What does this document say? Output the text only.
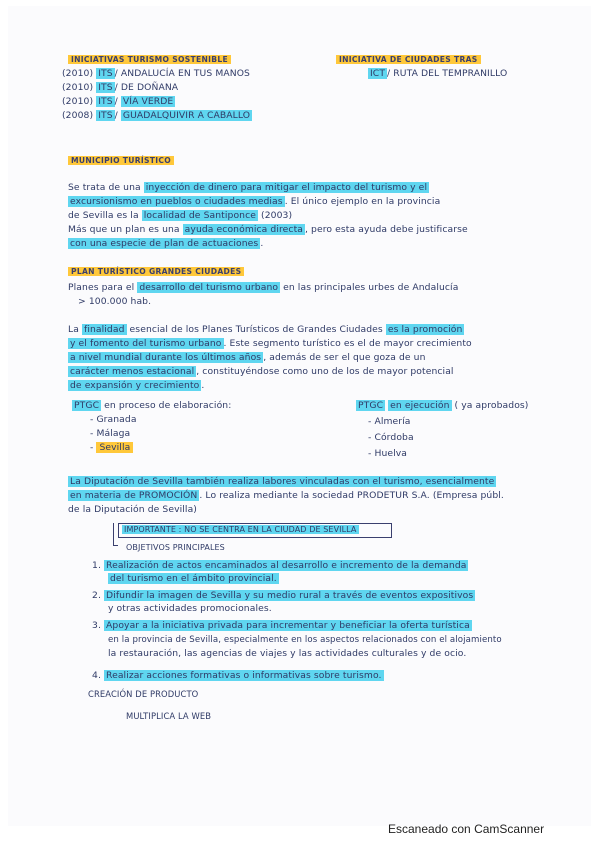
INICIATIVAS TURISMO SOSTENIBLE
(2010) ITS / ANDALUCÍA EN TUS MANOS
(2010) ITS / DE DOÑANA
(2010) ITS / VÍA VERDE
(2008) ITS / GUADALQUIVIR A CABALLO
INICIATIVA DE CIUDADES TRAS
ICT / RUTA DEL TEMPRANILLO
MUNICIPIO TURÍSTICO
Se trata de una inyección de dinero para mitigar el impacto del turismo y el
excursionismo en pueblos o ciudades medias . El único ejemplo en la provincia
de Sevilla es la localidad de Santiponce (2003)
Más que un plan es una ayuda económica directa , pero esta ayuda debe justificarse
con una especie de plan de actuaciones .
PLAN TURÍSTICO GRANDES CIUDADES
Planes para el desarrollo del turismo urbano en las principales urbes de Andalucía
> 100.000 hab.
La finalidad esencial de los Planes Turísticos de Grandes Ciudades es la promoción
y el fomento del turismo urbano . Este segmento turístico es el de mayor crecimiento
a nivel mundial durante los últimos años , además de ser el que goza de un
carácter menos estacional , constituyéndose como uno de los de mayor potencial
de expansión y crecimiento .
PTGC en proceso de elaboración:
- Granada
- Málaga
- Sevilla
PTGC en ejecución ( ya aprobados)
- Almería
- Córdoba
- Huelva
La Diputación de Sevilla también realiza labores vinculadas con el turismo, esencialmente
en materia de PROMOCIÓN . Lo realiza mediante la sociedad PRODETUR S.A. (Empresa públ.
de la Diputación de Sevilla)
IMPORTANTE : NO SE CENTRA EN LA CIUDAD DE SEVILLA
OBJETIVOS PRINCIPALES
1. Realización de actos encaminados al desarrollo e incremento de la demanda
del turismo en el ámbito provincial.
2. Difundir la imagen de Sevilla y su medio rural a través de eventos expositivos
y otras actividades promocionales.
3. Apoyar a la iniciativa privada para incrementar y beneficiar la oferta turística
en la provincia de Sevilla, especialmente en los aspectos relacionados con el alojamiento
la restauración, las agencias de viajes y las actividades culturales y de ocio.
4. Realizar acciones formativas o informativas sobre turismo.
CREACIÓN DE PRODUCTO
MULTIPLICA LA WEB
Escaneado con CamScanner
